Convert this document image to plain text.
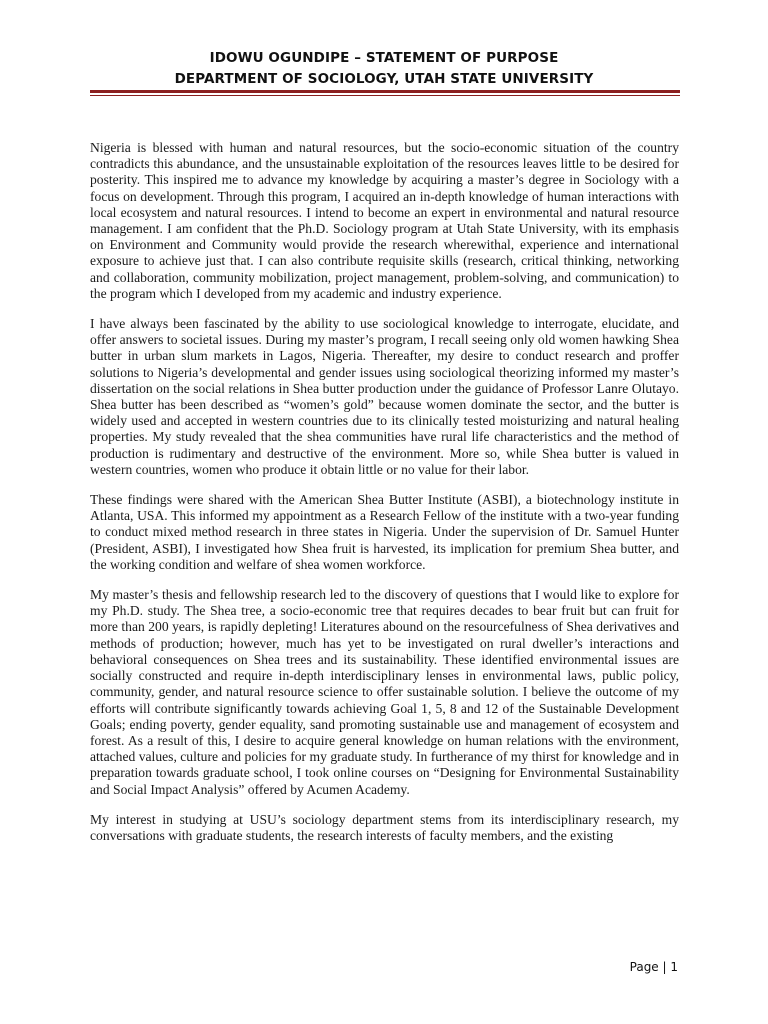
IDOWU OGUNDIPE – STATEMENT OF PURPOSE
DEPARTMENT OF SOCIOLOGY, UTAH STATE UNIVERSITY

Nigeria is blessed with human and natural resources, but the socio-economic situation of the country contradicts this abundance, and the unsustainable exploitation of the resources leaves little to be desired for posterity. This inspired me to advance my knowledge by acquiring a master’s degree in Sociology with a focus on development. Through this program, I acquired an in-depth knowledge of human interactions with local ecosystem and natural resources. I intend to become an expert in environmental and natural resource management. I am confident that the Ph.D. Sociology program at Utah State University, with its emphasis on Environment and Community would provide the research wherewithal, experience and international exposure to achieve just that. I can also contribute requisite skills (research, critical thinking, networking and collaboration, community mobilization, project management, problem-solving, and communication) to the program which I developed from my academic and industry experience.

I have always been fascinated by the ability to use sociological knowledge to interrogate, elucidate, and offer answers to societal issues. During my master’s program, I recall seeing only old women hawking Shea butter in urban slum markets in Lagos, Nigeria. Thereafter, my desire to conduct research and proffer solutions to Nigeria’s developmental and gender issues using sociological theorizing informed my master’s dissertation on the social relations in Shea butter production under the guidance of Professor Lanre Olutayo. Shea butter has been described as “women’s gold” because women dominate the sector, and the butter is widely used and accepted in western countries due to its clinically tested moisturizing and natural healing properties. My study revealed that the shea communities have rural life characteristics and the method of production is rudimentary and destructive of the environment. More so, while Shea butter is valued in western countries, women who produce it obtain little or no value for their labor.

These findings were shared with the American Shea Butter Institute (ASBI), a biotechnology institute in Atlanta, USA. This informed my appointment as a Research Fellow of the institute with a two-year funding to conduct mixed method research in three states in Nigeria. Under the supervision of Dr. Samuel Hunter (President, ASBI), I investigated how Shea fruit is harvested, its implication for premium Shea butter, and the working condition and welfare of shea women workforce.

My master’s thesis and fellowship research led to the discovery of questions that I would like to explore for my Ph.D. study. The Shea tree, a socio-economic tree that requires decades to bear fruit but can fruit for more than 200 years, is rapidly depleting! Literatures abound on the resourcefulness of Shea derivatives and methods of production; however, much has yet to be investigated on rural dweller’s interactions and behavioral consequences on Shea trees and its sustainability. These identified environmental issues are socially constructed and require in-depth interdisciplinary lenses in environmental laws, public policy, community, gender, and natural resource science to offer sustainable solution. I believe the outcome of my efforts will contribute significantly towards achieving Goal 1, 5, 8 and 12 of the Sustainable Development Goals; ending poverty, gender equality, sand promoting sustainable use and management of ecosystem and forest. As a result of this, I desire to acquire general knowledge on human relations with the environment, attached values, culture and policies for my graduate study. In furtherance of my thirst for knowledge and in preparation towards graduate school, I took online courses on “Designing for Environmental Sustainability and Social Impact Analysis” offered by Acumen Academy.

My interest in studying at USU’s sociology department stems from its interdisciplinary research, my conversations with graduate students, the research interests of faculty members, and the existing

Page | 1
